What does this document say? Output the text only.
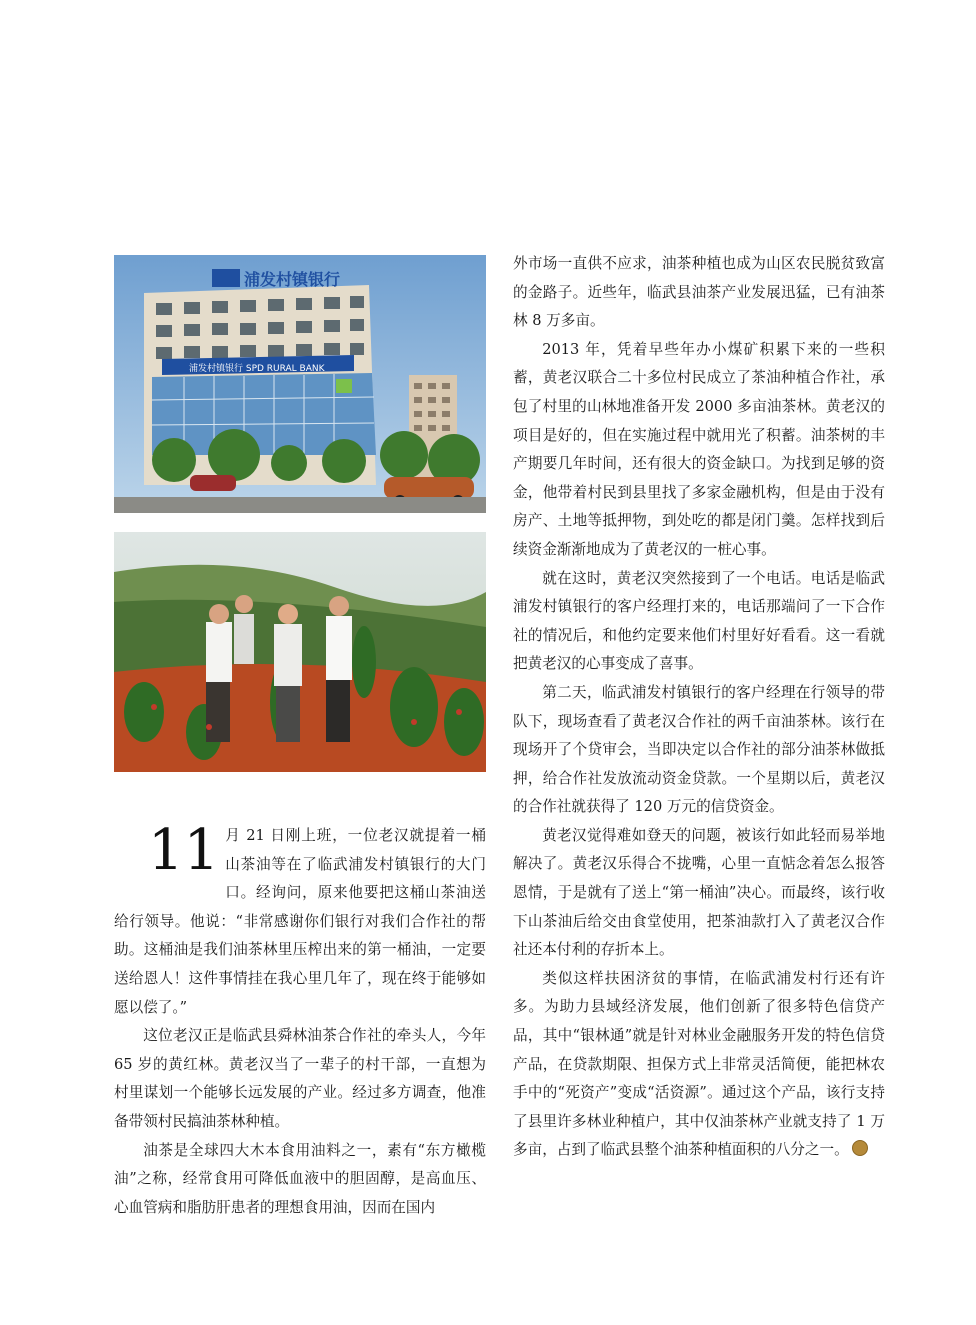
浦发村镇银行
浦发村镇银行 SPD RURAL BANK
11 月 21 日刚上班，一位老汉就提着一桶山茶油等在了临武浦发村镇银行的大门口。经询问，原来他要把这桶山茶油送给行领导。他说：“非常感谢你们银行对我们合作社的帮助。这桶油是我们油茶林里压榨出来的第一桶油，一定要送给恩人！这件事情挂在我心里几年了，现在终于能够如愿以偿了。”

这位老汉正是临武县舜林油茶合作社的牵头人，今年 65 岁的黄红林。黄老汉当了一辈子的村干部，一直想为村里谋划一个能够长远发展的产业。经过多方调查，他准备带领村民搞油茶林种植。

油茶是全球四大木本食用油料之一，素有“东方橄榄油”之称，经常食用可降低血液中的胆固醇，是高血压、心血管病和脂肪肝患者的理想食用油，因而在国内

外市场一直供不应求，油茶种植也成为山区农民脱贫致富的金路子。近些年，临武县油茶产业发展迅猛，已有油茶林 8 万多亩。

2013 年，凭着早些年办小煤矿积累下来的一些积蓄，黄老汉联合二十多位村民成立了茶油种植合作社，承包了村里的山林地准备开发 2000 多亩油茶林。黄老汉的项目是好的，但在实施过程中就用光了积蓄。油茶树的丰产期要几年时间，还有很大的资金缺口。为找到足够的资金，他带着村民到县里找了多家金融机构，但是由于没有房产、土地等抵押物，到处吃的都是闭门羹。怎样找到后续资金渐渐地成为了黄老汉的一桩心事。

就在这时，黄老汉突然接到了一个电话。电话是临武浦发村镇银行的客户经理打来的，电话那端问了一下合作社的情况后，和他约定要来他们村里好好看看。这一看就把黄老汉的心事变成了喜事。

第二天，临武浦发村镇银行的客户经理在行领导的带队下，现场查看了黄老汉合作社的两千亩油茶林。该行在现场开了个贷审会，当即决定以合作社的部分油茶林做抵押，给合作社发放流动资金贷款。一个星期以后，黄老汉的合作社就获得了 120 万元的信贷资金。

黄老汉觉得难如登天的问题，被该行如此轻而易举地解决了。黄老汉乐得合不拢嘴，心里一直惦念着怎么报答恩情，于是就有了送上“第一桶油”决心。而最终，该行收下山茶油后给交由食堂使用，把茶油款打入了黄老汉合作社还本付利的存折本上。

类似这样扶困济贫的事情，在临武浦发村行还有许多。为助力县域经济发展，他们创新了很多特色信贷产品，其中“银林通”就是针对林业金融服务开发的特色信贷产品，在贷款期限、担保方式上非常灵活简便，能把林农手中的“死资产”变成“活资源”。通过这个产品，该行支持了县里许多林业种植户，其中仅油茶林产业就支持了 1 万多亩，占到了临武县整个油茶种植面积的八分之一。
